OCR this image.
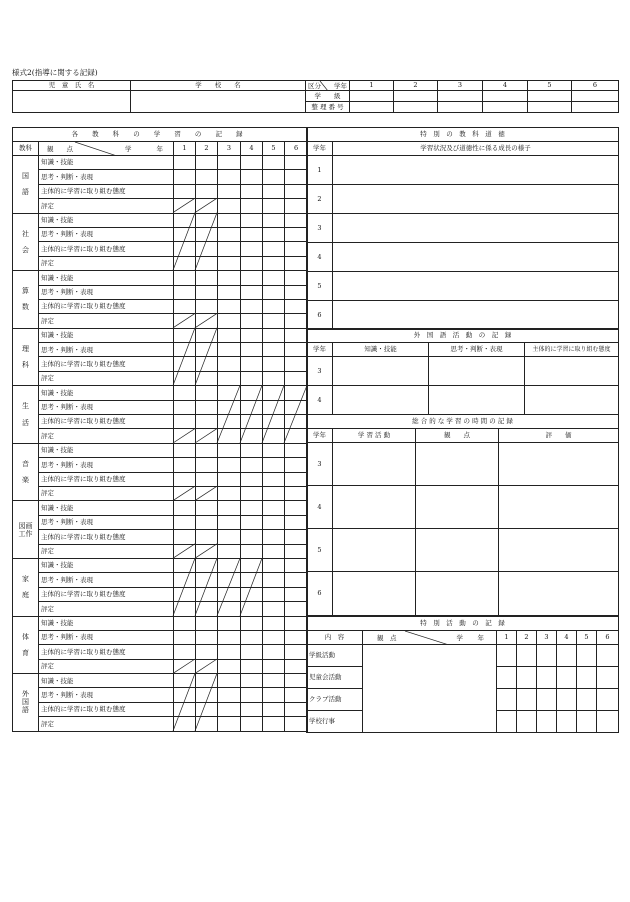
様式2(指導に関する記録)
児　童　氏　名	学　　校　　名	区分 学年	1	2	3	4	5	6
		学　　級						
		整 理 番 号						
各 教 科 の 学 習 の 記 録							
教科	観　　点 学　　年	1	2	3	4	5	6
国

語	知識・技能						
	思考・判断・表現						
	主体的に学習に取り組む態度						
	評定						
社

会	知識・技能						
	思考・判断・表現						
	主体的に学習に取り組む態度						
	評定						
算

数	知識・技能						
	思考・判断・表現						
	主体的に学習に取り組む態度						
	評定						
理

科	知識・技能						
	思考・判断・表現						
	主体的に学習に取り組む態度						
	評定						
生

活	知識・技能						
	思考・判断・表現						
	主体的に学習に取り組む態度						
	評定						
音

楽	知識・技能						
	思考・判断・表現						
	主体的に学習に取り組む態度						
	評定						
図画
工作	知識・技能						
	思考・判断・表現						
	主体的に学習に取り組む態度						
	評定						
家

庭	知識・技能						
	思考・判断・表現						
	主体的に学習に取り組む態度						
	評定						
体

育	知識・技能						
	思考・判断・表現						
	主体的に学習に取り組む態度						
	評定						
外
国
語	知識・技能						
	思考・判断・表現						
	主体的に学習に取り組む態度						
	評定						
特　別　の　教　科　道　徳	
学年	学習状況及び道徳性に係る成長の様子
1	
2	
3	
4	
5	
6	
外　国　語　活　動　の　記　録			
学年	知識・技能	思考・判断・表現	主体的に学習に取り組む態度
3			
4			
総 合 的 な 学 習 の 時 間 の 記 録			
学年	学 習 活 動	観　　点	評　　価
3			
4			
5			
6			
特　別　活　動　の　記　録							
内　容	観　点 学　年	1	2	3	4	5	6
学級活動							
児童会活動							
クラブ活動							
学校行事							
